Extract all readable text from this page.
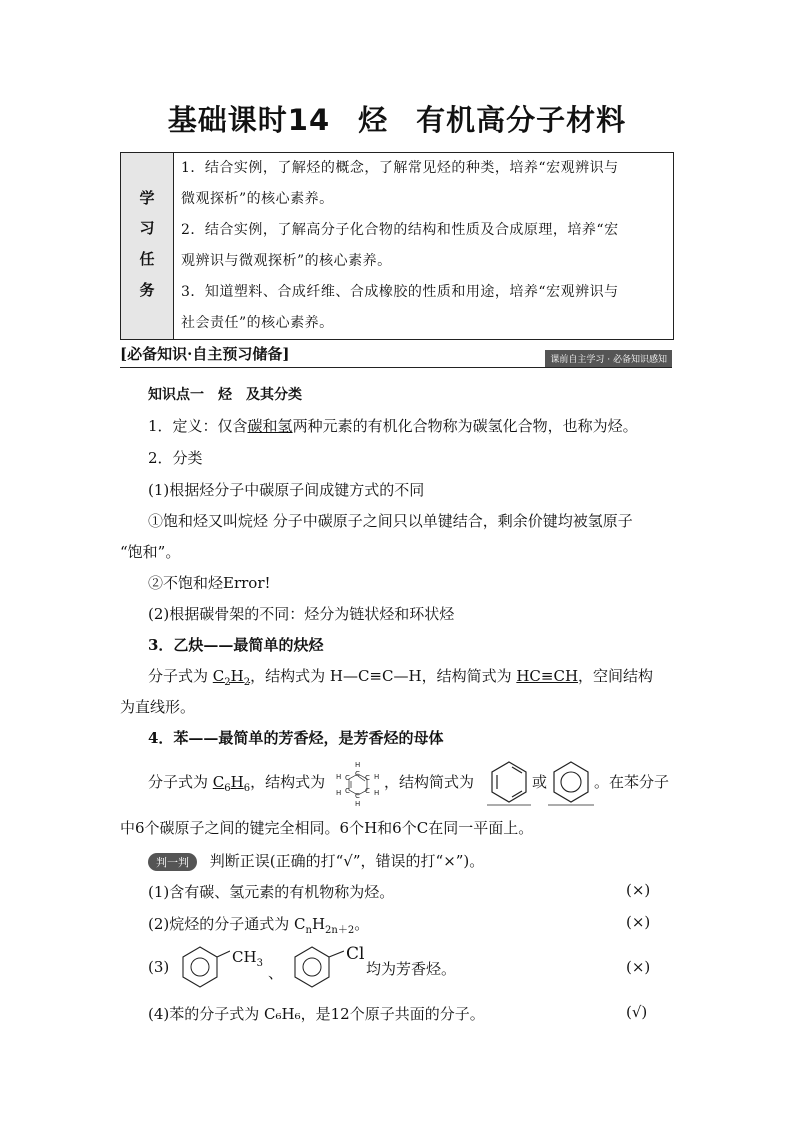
基础课时14 烃 有机高分子材料
学
习
任
务
1．结合实例，了解烃的概念，了解常见烃的种类，培养“宏观辨识与
微观探析”的核心素养。
2．结合实例，了解高分子化合物的结构和性质及合成原理，培养“宏
观辨识与微观探析”的核心素养。
3．知道塑料、合成纤维、合成橡胶的性质和用途，培养“宏观辨识与
社会责任”的核心素养。
[必备知识·自主预习储备]	课前自主学习 · 必备知识感知
知识点一　烃　及其分类
1．定义：仅含碳和氢两种元素的有机化合物称为碳氢化合物，也称为烃。
2．分类
(1)根据烃分子中碳原子间成键方式的不同
①饱和烃又叫烷烃 分子中碳原子之间只以单键结合，剩余价键均被氢原子
“饱和”。
②不饱和烃Error!
(2)根据碳骨架的不同：烃分为链状烃和环状烃
3．乙炔——最简单的炔烃
分子式为 $C_2H_2$，结构式为 H—C≡C—H，结构简式为 HC≡CH，空间结构
为直线形。
4．苯——最简单的芳香烃，是芳香烃的母体
分子式为 $C_6H_6$，结构式为
H
H	H
H	H
H
C
C C
C C
C
，结构简式为	或	。在苯分子
中6个碳原子之间的键完全相同。6个H和6个C在同一平面上。
判一判 判断正误(正确的打“√”，错误的打“×”)。
(1)含有碳、氢元素的有机物称为烃。	(×)
(2)烷烃的分子通式为 $C_nH_{2n+2}$。	(×)
(3)
$CH_3$
、
Cl
均为芳香烃。	(×)
(4)苯的分子式为 C₆H₆，是12个原子共面的分子。	(√)
